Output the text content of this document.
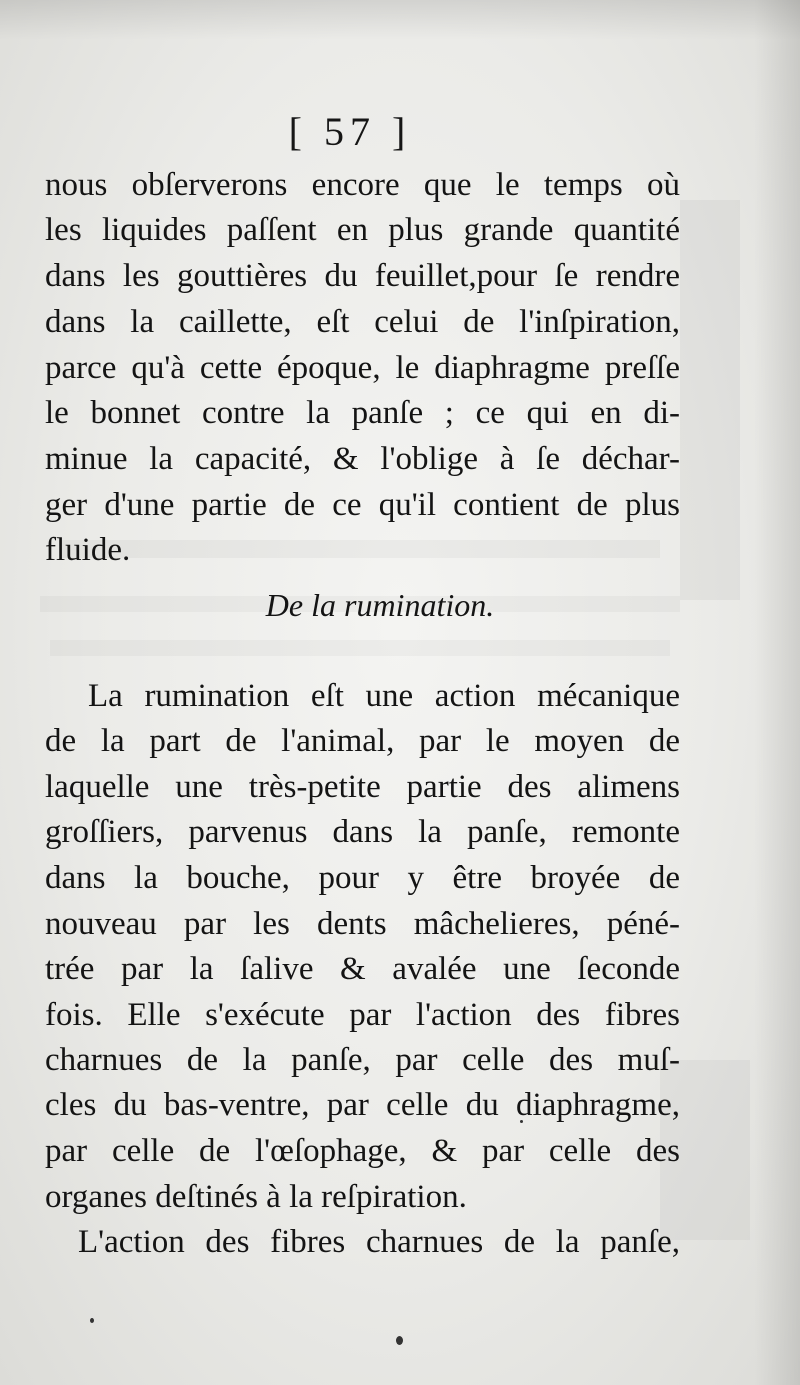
[ 57 ]
nous obſerverons encore que le temps où
les liquides paſſent en plus grande quantité
dans les gouttières du feuillet,pour ſe rendre
dans la caillette, eſt celui de l'inſpiration,
parce qu'à cette époque, le diaphragme preſſe
le bonnet contre la panſe ; ce qui en di-
minue la capacité, & l'oblige à ſe déchar-
ger d'une partie de ce qu'il contient de plus
fluide.
De la rumination.
La rumination eſt une action mécanique
de la part de l'animal, par le moyen de
laquelle une très-petite partie des alimens
groſſiers, parvenus dans la panſe, remonte
dans la bouche, pour y être broyée de
nouveau par les dents mâchelieres, péné-
trée par la ſalive & avalée une ſeconde
fois. Elle s'exécute par l'action des fibres
charnues de la panſe, par celle des muſ-
cles du bas-ventre, par celle du diaphragme,
par celle de l'œſophage, & par celle des
organes deſtinés à la reſpiration.
L'action des fibres charnues de la panſe,
